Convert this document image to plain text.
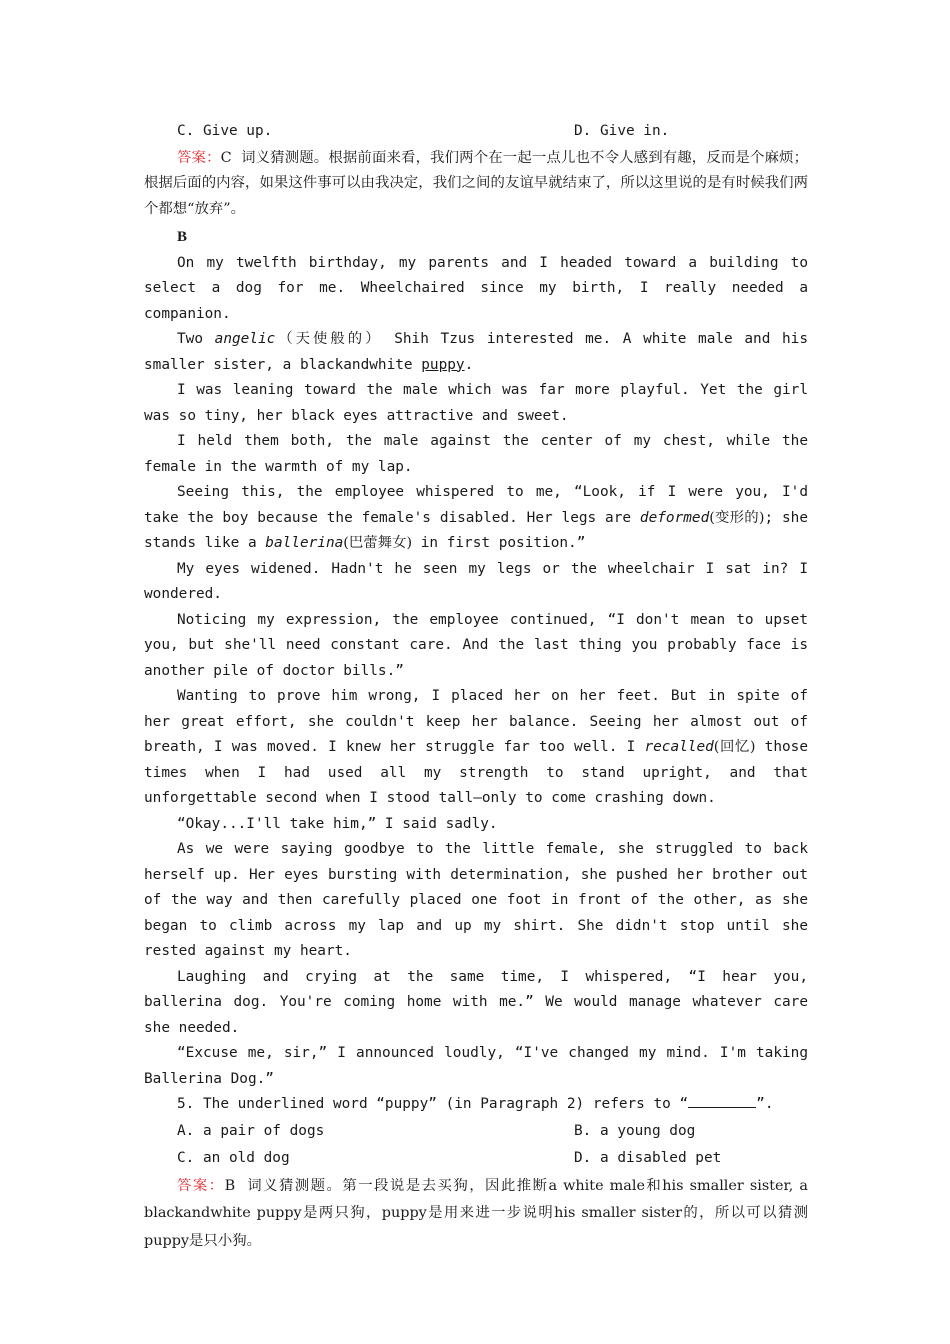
C. Give up.	D. Give in.

答案：C 词义猜测题。根据前面来看，我们两个在一起一点儿也不令人感到有趣，反而是个麻烦；根据后面的内容，如果这件事可以由我决定，我们之间的友谊早就结束了，所以这里说的是有时候我们两个都想“放弃”。

B

On my twelfth birthday, my parents and I headed toward a building to select a dog for me. Wheelchaired since my birth, I really needed a companion.

Two angelic（天使般的） Shih Tzus interested me. A white male and his smaller sister, a blackandwhite puppy.

I was leaning toward the male which was far more playful. Yet the girl was so tiny, her black eyes attractive and sweet.

I held them both, the male against the center of my chest, while the female in the warmth of my lap.

Seeing this, the employee whispered to me, “Look, if I were you, I'd take the boy because the female's disabled. Her legs are deformed(变形的); she stands like a ballerina(巴蕾舞女) in first position.”

My eyes widened. Hadn't he seen my legs or the wheelchair I sat in? I wondered.

Noticing my expression, the employee continued, “I don't mean to upset you, but she'll need constant care. And the last thing you probably face is another pile of doctor bills.”

Wanting to prove him wrong, I placed her on her feet. But in spite of her great effort, she couldn't keep her balance. Seeing her almost out of breath, I was moved. I knew her struggle far too well. I recalled(回忆) those times when I had used all my strength to stand upright, and that unforgettable second when I stood tall—only to come crashing down.

“Okay...I'll take him,” I said sadly.

As we were saying goodbye to the little female, she struggled to back herself up. Her eyes bursting with determination, she pushed her brother out of the way and then carefully placed one foot in front of the other, as she began to climb across my lap and up my shirt. She didn't stop until she rested against my heart.

Laughing and crying at the same time, I whispered, “I hear you, ballerina dog. You're coming home with me.” We would manage whatever care she needed.

“Excuse me, sir,” I announced loudly, “I've changed my mind. I'm taking Ballerina Dog.”

5. The underlined word “puppy” (in Paragraph 2) refers to “	”.

A. a pair of dogs	B. a young dog
C. an old dog	D. a disabled pet

答案：B 词义猜测题。第一段说是去买狗，因此推断a white male和his smaller sister, a blackandwhite puppy是两只狗，puppy是用来进一步说明his smaller sister的，所以可以猜测puppy是只小狗。
